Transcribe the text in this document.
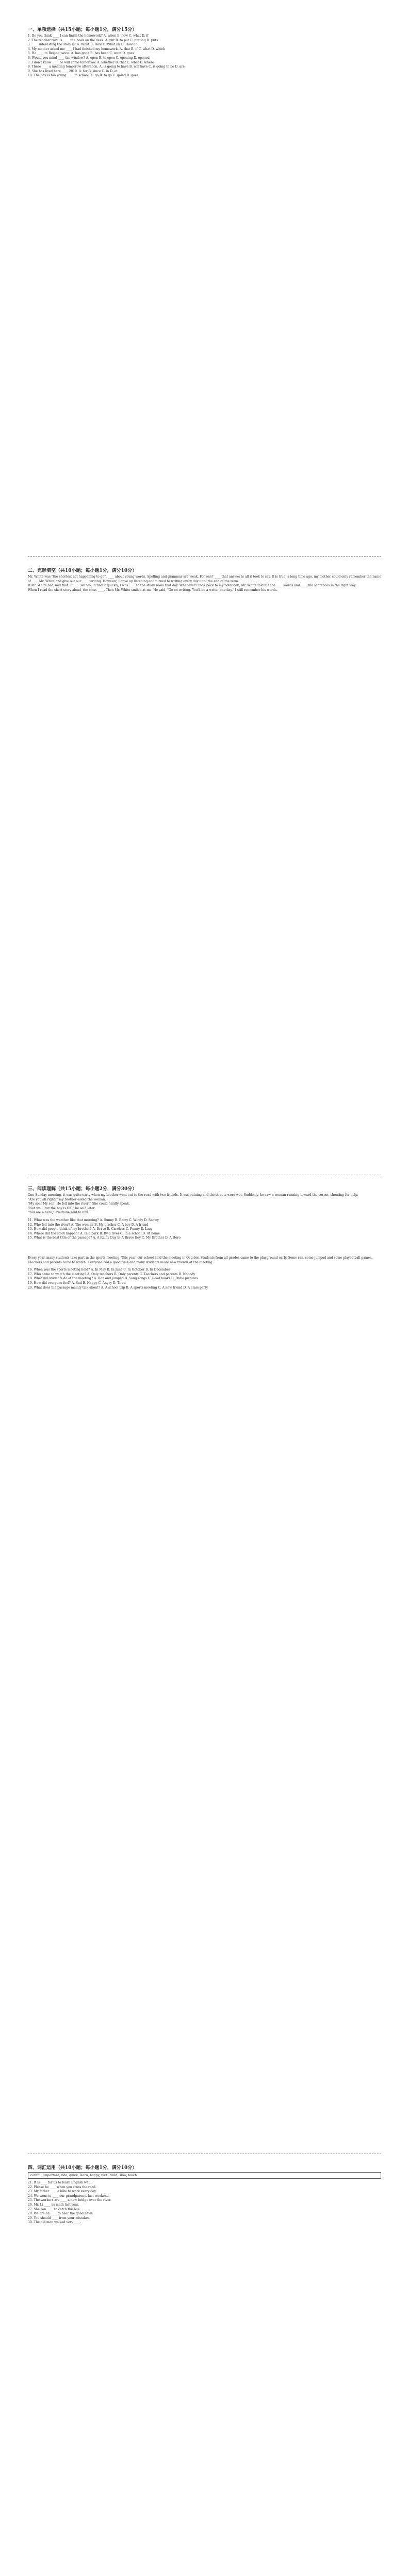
一、单项选择（共15小题；每小题1分，满分15分）
1. Do you think ____ I can finish the homework? A. when B. how C. what D. if
2. The teacher told us ____ the book on the desk. A. put B. to put C. putting D. puts
3. ____ interesting the story is! A. What B. How C. What an D. How an
4. My mother asked me ____ I had finished my homework. A. that B. if C. what D. which
5. He ____ to Beijing twice. A. has gone B. has been C. went D. goes
6. Would you mind ____ the window? A. open B. to open C. opening D. opened
7. I don't know ____ he will come tomorrow. A. whether B. that C. what D. where
8. There ____ a meeting tomorrow afternoon. A. is going to have B. will have C. is going to be D. are
9. She has lived here ____ 2010. A. for B. since C. in D. at
10. The boy is too young ____ to school. A. go B. to go C. going D. goes
二、完形填空（共10小题；每小题1分，满分10分）
Mr. White was "the shortest act happening to go". ____ about young words. Spelling and grammar are weak. For one? ____ that answer is all it took to say. It is true: a long time ago, my mother could only remember the name of ____ Mr. White and give out our ____ writing. However, I gave up listening and turned to writing every day until the end of the term.
If Mr. White had said that. If ____ we would find it quickly, I was ____ to the study room that day. Whenever I took back to my notebook, Mr. White told me the ____ words and ____ the sentences in the right way.
When I read the short story aloud, the class ____. Then Mr. White smiled at me. He said, "Go on writing. You'll be a writer one day." I still remember his words.
三、阅读理解（共15小题；每小题2分，满分30分）
One Sunday morning, it was quite early when my brother went out to the road with two friends. It was raining and the streets were wet. Suddenly, he saw a woman running toward the corner, shouting for help.
"Are you all right?" my brother asked the woman.
"My son! My son! He fell into the river!" She could hardly speak.
"Not well, but the boy is OK," he said later.
"You are a hero," everyone said to him.
11. What was the weather like that morning? A. Sunny B. Rainy C. Windy D. Snowy
12. Who fell into the river? A. The woman B. My brother C. A boy D. A friend
13. How did people think of my brother? A. Brave B. Careless C. Funny D. Lazy
14. Where did the story happen? A. In a park B. By a river C. In a school D. At home
15. What is the best title of the passage? A. A Rainy Day B. A Brave Boy C. My Brother D. A Hero
Every year, many students take part in the sports meeting. This year, our school held the meeting in October. Students from all grades came to the playground early. Some ran, some jumped and some played ball games.
Teachers and parents came to watch. Everyone had a good time and many students made new friends at the meeting.
16. When was the sports meeting held? A. In May B. In June C. In October D. In December
17. Who came to watch the meeting? A. Only teachers B. Only parents C. Teachers and parents D. Nobody
18. What did students do at the meeting? A. Ran and jumped B. Sang songs C. Read books D. Drew pictures
19. How did everyone feel? A. Sad B. Happy C. Angry D. Tired
20. What does the passage mainly talk about? A. A school trip B. A sports meeting C. A new friend D. A class party
四、词汇运用（共10小题；每小题1分，满分10分）
careful, important, ride, quick, learn, happy, visit, build, slow, teach
21. It is ____ for us to learn English well.
22. Please be ____ when you cross the road.
23. My father ____ a bike to work every day.
24. We went to ____ our grandparents last weekend.
25. The workers are ____ a new bridge over the river.
26. Mr. Li ____ us math last year.
27. She ran ____ to catch the bus.
28. We are all ____ to hear the good news.
29. You should ____ from your mistakes.
30. The old man walked very ____.
